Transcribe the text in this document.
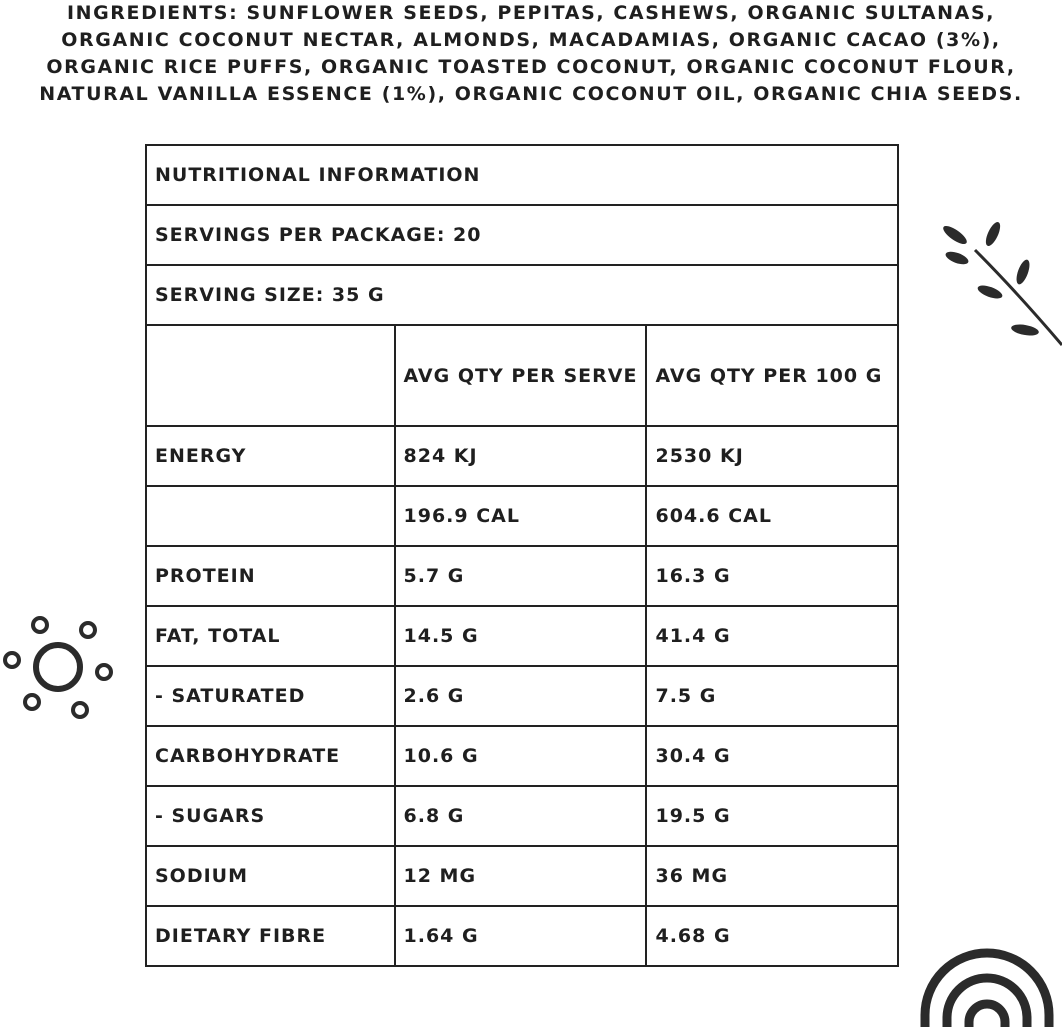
INGREDIENTS: SUNFLOWER SEEDS, PEPITAS, CASHEWS, ORGANIC SULTANAS,
ORGANIC COCONUT NECTAR, ALMONDS, MACADAMIAS, ORGANIC CACAO (3%),
ORGANIC RICE PUFFS, ORGANIC TOASTED COCONUT, ORGANIC COCONUT FLOUR,
NATURAL VANILLA ESSENCE (1%), ORGANIC COCONUT OIL, ORGANIC CHIA SEEDS.
NUTRITIONAL INFORMATION		
SERVINGS PER PACKAGE: 20		
SERVING SIZE: 35 G		
	AVG QTY PER SERVE	AVG QTY PER 100 G
ENERGY	824 KJ	2530 KJ
	196.9 CAL	604.6 CAL
PROTEIN	5.7 G	16.3 G
FAT, TOTAL	14.5 G	41.4 G
- SATURATED	2.6 G	7.5 G
CARBOHYDRATE	10.6 G	30.4 G
- SUGARS	6.8 G	19.5 G
SODIUM	12 MG	36 MG
DIETARY FIBRE	1.64 G	4.68 G
